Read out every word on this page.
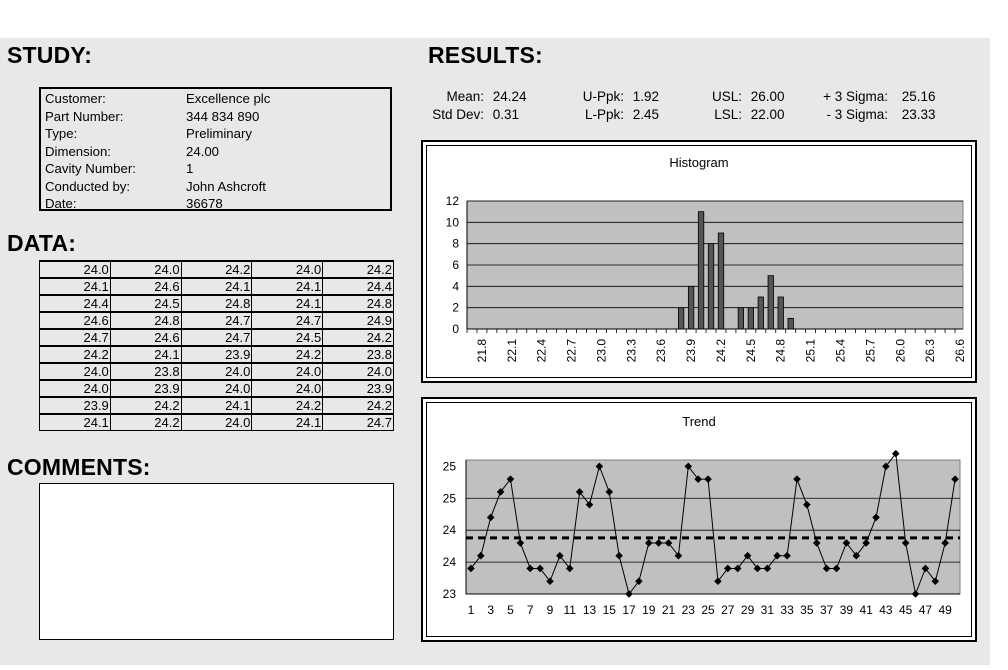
STUDY:
Customer:	Excellence plc
Part Number:	344 834 890
Type:	Preliminary
Dimension:	24.00
Cavity Number:	1
Conducted by:	John Ashcroft
Date:	36678
DATA:
24.0	24.0	24.2	24.0	24.2
24.1	24.6	24.1	24.1	24.4
24.4	24.5	24.8	24.1	24.8
24.6	24.8	24.7	24.7	24.9
24.7	24.6	24.7	24.5	24.2
24.2	24.1	23.9	24.2	23.8
24.0	23.8	24.0	24.0	24.0
24.0	23.9	24.0	24.0	23.9
23.9	24.2	24.1	24.2	24.2
24.1	24.2	24.0	24.1	24.7
COMMENTS:
RESULTS:
Mean: 24.24
Std Dev: 0.31
U-Ppk: 1.92
L-Ppk: 2.45
USL: 26.00
LSL: 22.00
+ 3 Sigma: 25.16
- 3 Sigma: 23.33
Histogram
0
2
4
6
8
10
12
21.8 22.1 22.4 22.7 23.0 23.3 23.6 23.9 24.2 24.5 24.8 25.1 25.4 25.7 26.0 26.3 26.6
Trend
23
24
24
25
25
1 3 5 7 9 11 13 15 17 19 21 23 25 27 29 31 33 35 37 39 41 43 45 47 49
